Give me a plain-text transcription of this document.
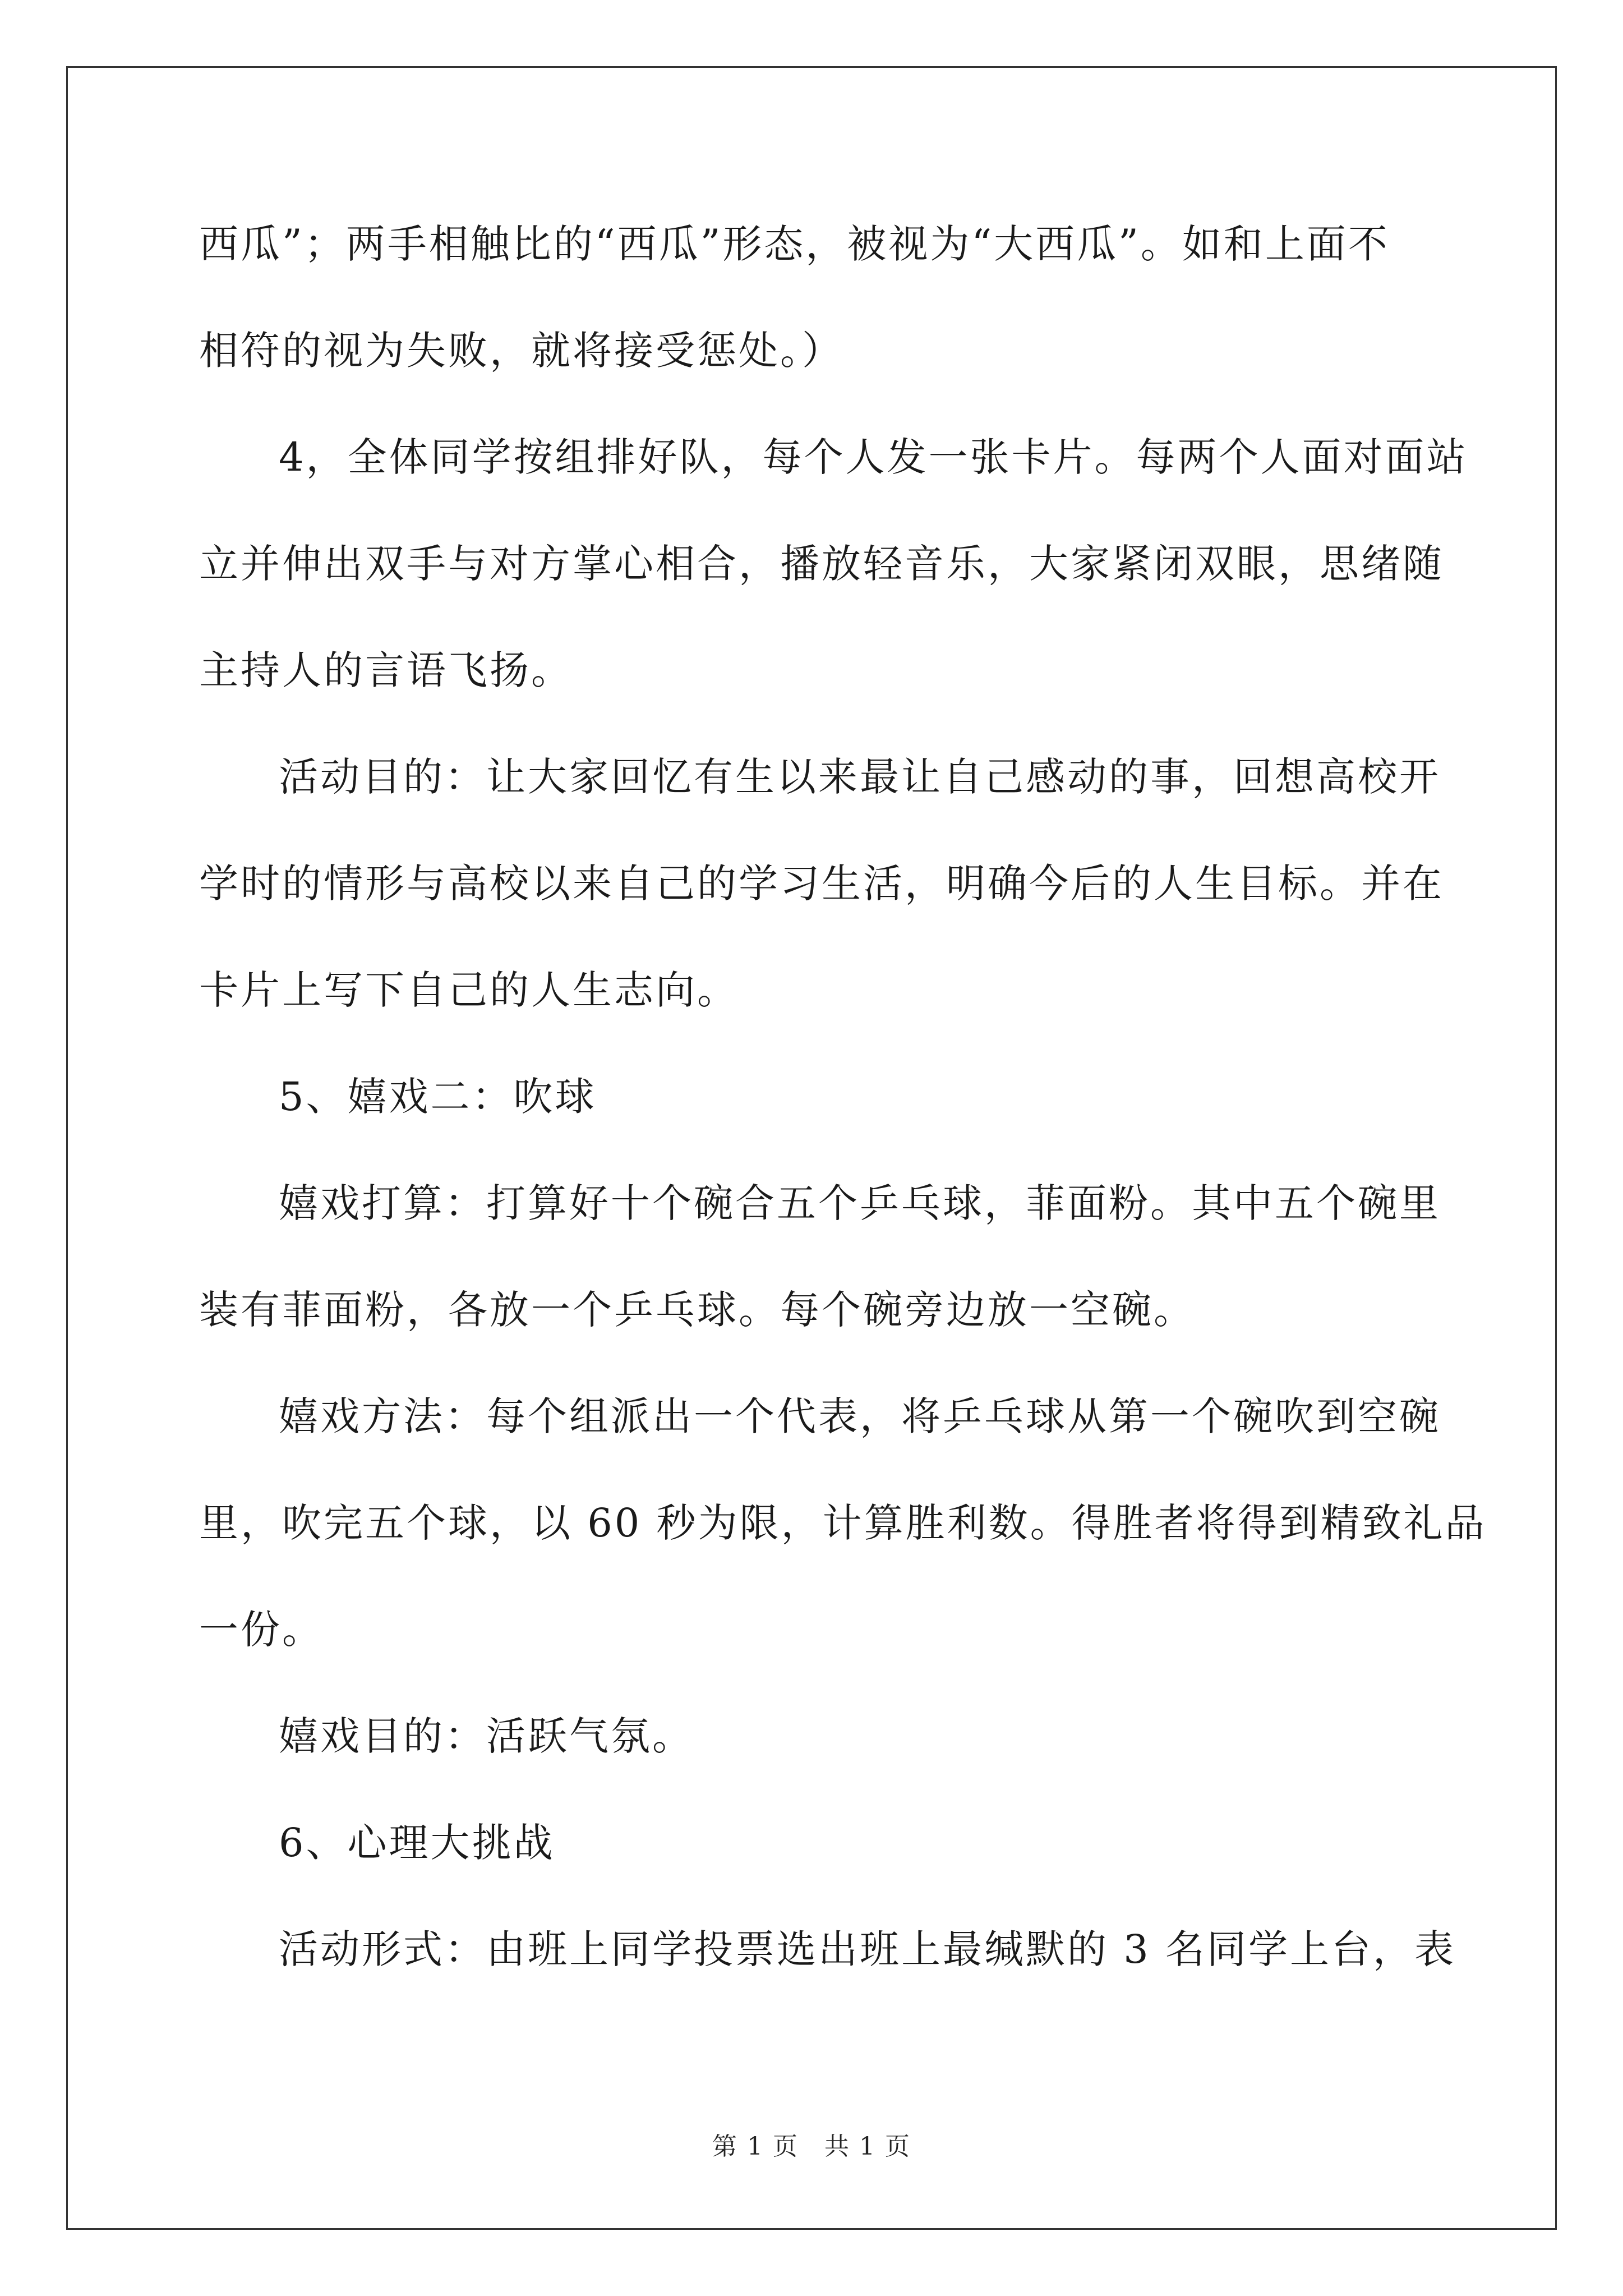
西瓜”；两手相触比的“西瓜”形态，被视为“大西瓜”。如和上面不
相符的视为失败，就将接受惩处。）
4，全体同学按组排好队，每个人发一张卡片。每两个人面对面站
立并伸出双手与对方掌心相合，播放轻音乐，大家紧闭双眼，思绪随
主持人的言语飞扬。
活动目的：让大家回忆有生以来最让自己感动的事，回想高校开
学时的情形与高校以来自己的学习生活，明确今后的人生目标。并在
卡片上写下自己的人生志向。
5、嬉戏二：吹球
嬉戏打算：打算好十个碗合五个乒乓球，菲面粉。其中五个碗里
装有菲面粉，各放一个乒乓球。每个碗旁边放一空碗。
嬉戏方法：每个组派出一个代表，将乒乓球从第一个碗吹到空碗
里，吹完五个球，以 60 秒为限，计算胜利数。得胜者将得到精致礼品
一份。
嬉戏目的：活跃气氛。
6、心理大挑战
活动形式：由班上同学投票选出班上最缄默的 3 名同学上台，表
第 1 页　共 1 页
